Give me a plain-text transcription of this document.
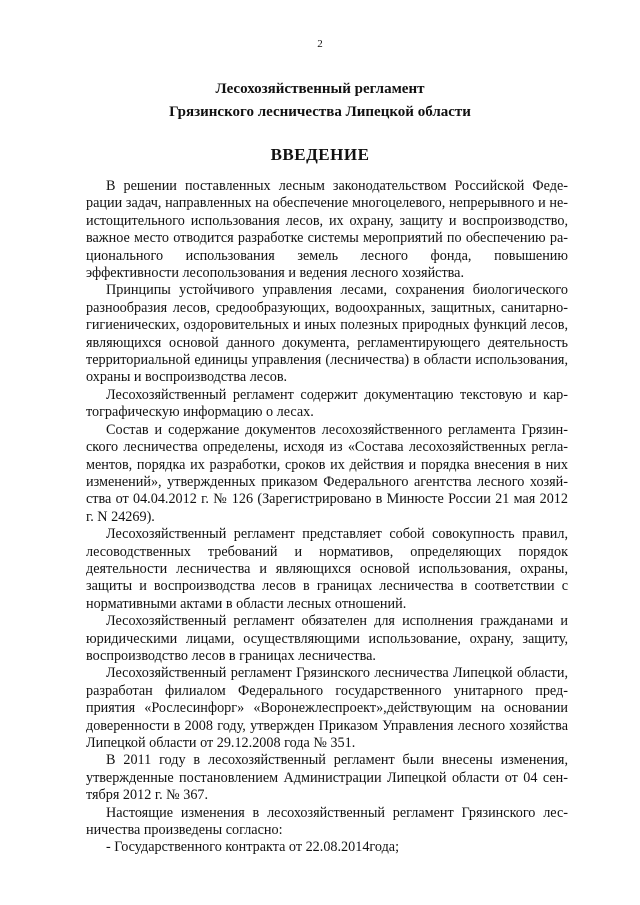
2
Лесохозяйственный регламент
Грязинского лесничества Липецкой области
ВВЕДЕНИЕ

В решении поставленных лесным законодательством Российской Федерации задач, направленных на обеспечение многоцелевого, непрерывного и неистощительного использования лесов, их охрану, защиту и воспроизводство, важное место отводится разработке системы мероприятий по обеспечению рационального использования земель лесного фонда, повышению эффективности лесопользования и ведения лесного хозяйства.

Принципы устойчивого управления лесами, сохранения биологического разнообразия лесов, средообразующих, водоохранных, защитных, санитарно-гигиенических, оздоровительных и иных полезных природных функций лесов, являющихся основой данного документа, регламентирующего деятельность территориальной единицы управления (лесничества) в области использования, охраны и воспроизводства лесов.

Лесохозяйственный регламент содержит документацию текстовую и картографическую информацию о лесах.

Состав и содержание документов лесохозяйственного регламента Грязинского лесничества определены, исходя из «Состава лесохозяйственных регламентов, порядка их разработки, сроков их действия и порядка внесения в них изменений», утвержденных приказом Федерального агентства лесного хозяйства от 04.04.2012 г. № 126 (Зарегистрировано в Минюсте России 21 мая 2012 г. N 24269).

Лесохозяйственный регламент представляет собой совокупность правил, лесоводственных требований и нормативов, определяющих порядок деятельности лесничества и являющихся основой использования, охраны, защиты и воспроизводства лесов в границах лесничества в соответствии с нормативными актами в области лесных отношений.

Лесохозяйственный регламент обязателен для исполнения гражданами и юридическими лицами, осуществляющими использование, охрану, защиту, воспроизводство лесов в границах лесничества.

Лесохозяйственный регламент Грязинского лесничества Липецкой области, разработан филиалом Федерального государственного унитарного предприятия «Рослесинфорг» «Воронежлеспроект»,действующим на основании доверенности в 2008 году, утвержден Приказом Управления лесного хозяйства Липецкой области от 29.12.2008 года № 351.

В 2011 году в лесохозяйственный регламент были внесены изменения, утвержденные постановлением Администрации Липецкой области от 04 сентября 2012 г. № 367.

Настоящие изменения в лесохозяйственный регламент Грязинского лесничества произведены согласно:

- Государственного контракта от 22.08.2014года;
